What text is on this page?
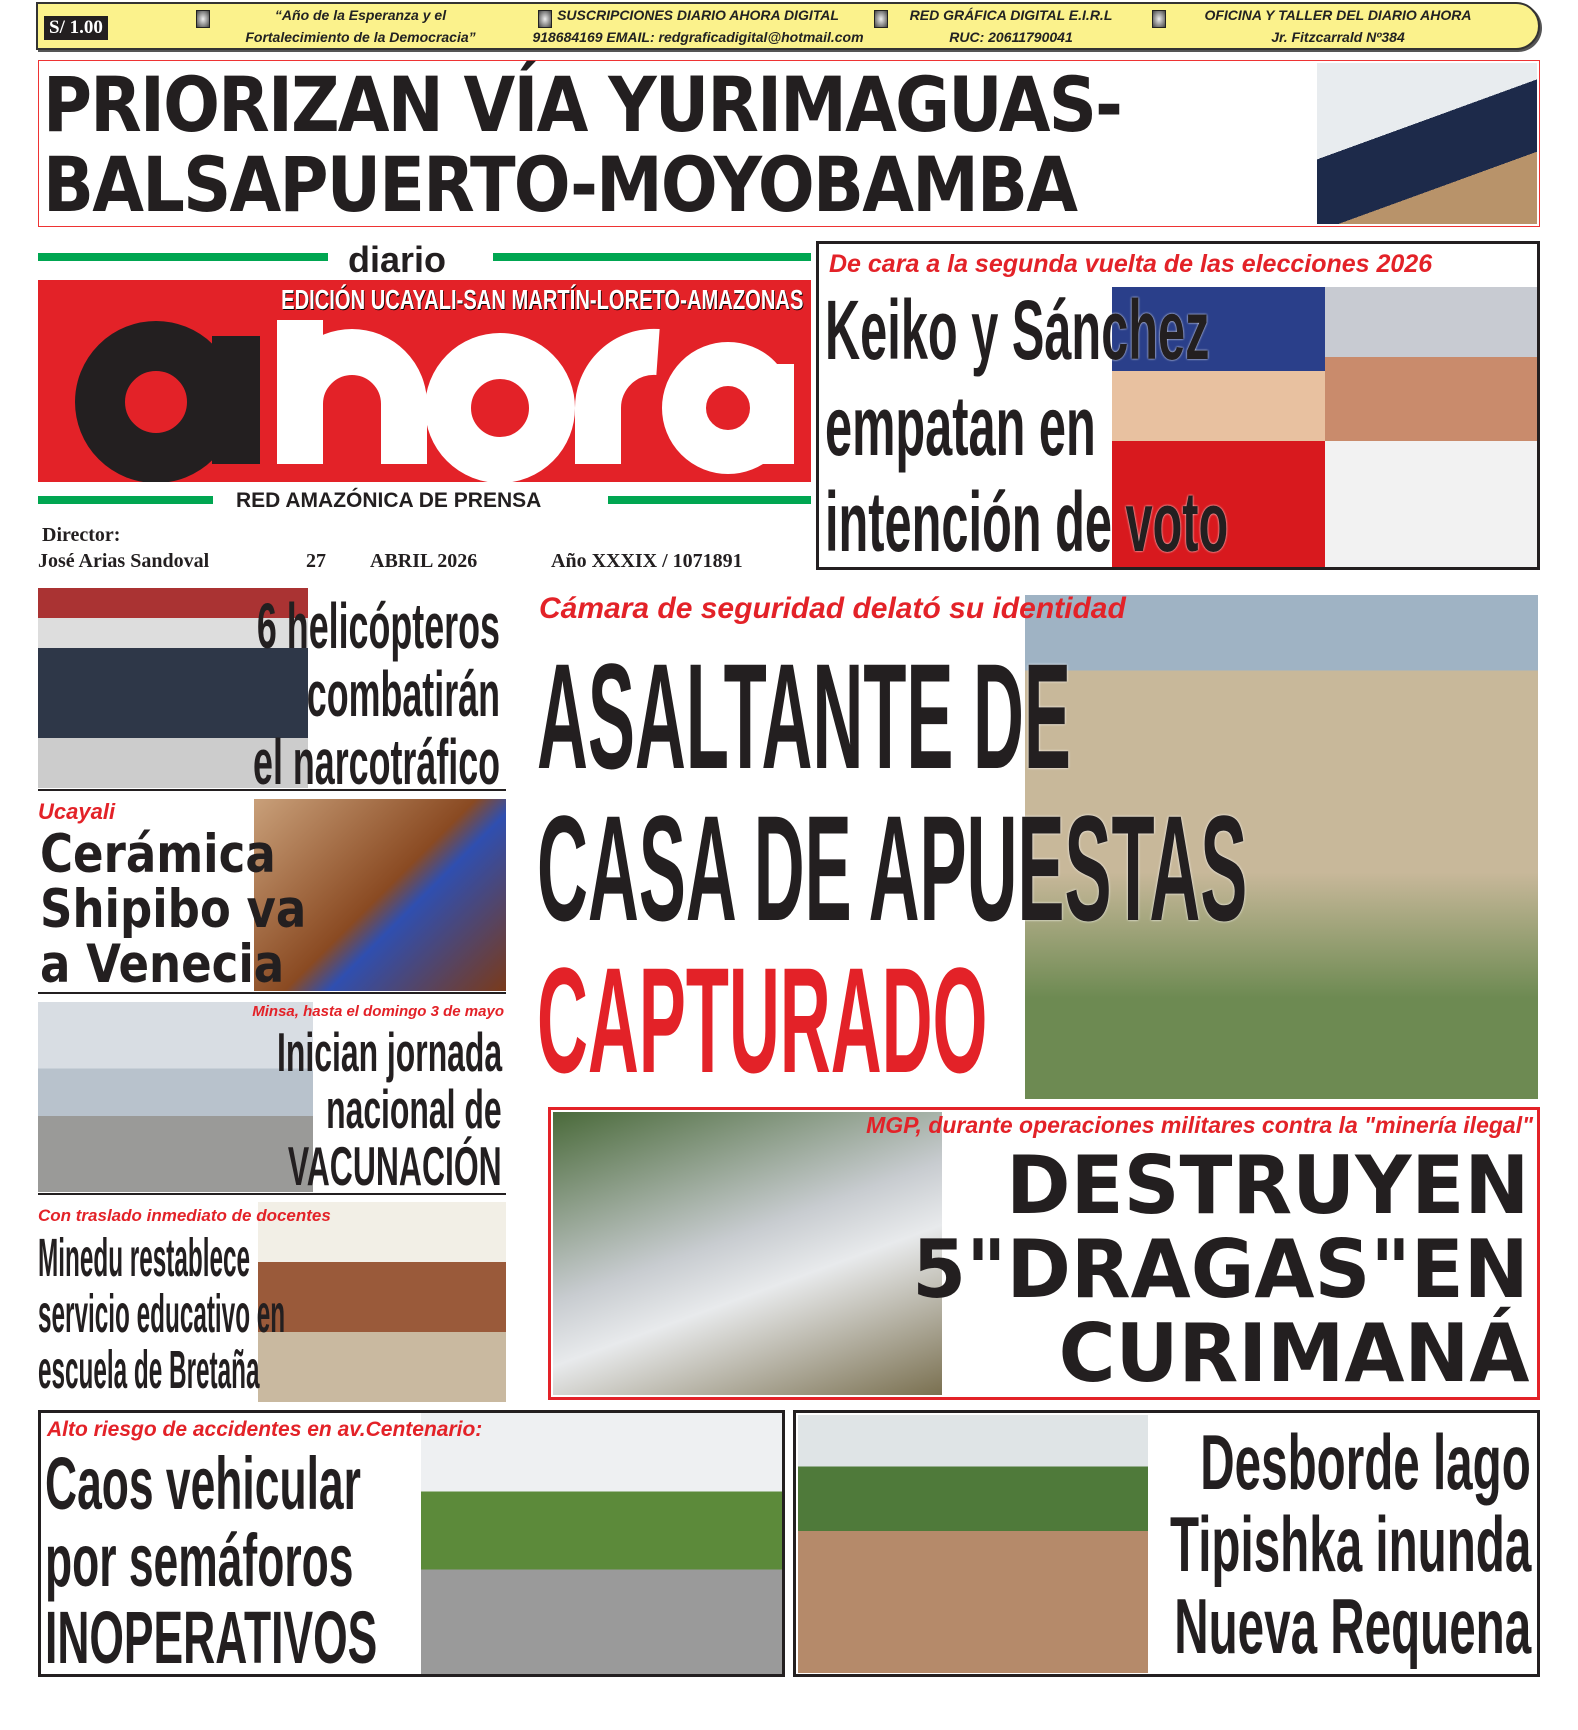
S/ 1.00
“Año de la Esperanza y el
Fortalecimiento de la Democracia”
SUSCRIPCIONES DIARIO AHORA DIGITAL
918684169 EMAIL: redgraficadigital@hotmail.com
RED GRÁFICA DIGITAL E.I.R.L
RUC: 20611790041
OFICINA Y TALLER DEL DIARIO AHORA
Jr. Fitzcarrald Nº384
PRIORIZAN VÍA YURIMAGUAS-
BALSAPUERTO-MOYOBAMBA
diario
EDICIÓN UCAYALI-SAN MARTÍN-LORETO-AMAZONAS
RED AMAZÓNICA DE PRENSA
Director:
José Arias Sandoval	27 ABRIL 2026	Año XXXIX / 1071891
De cara a la segunda vuelta de las elecciones 2026
Keiko y Sánchez
empatan en
intención de voto
6 helicópteros
combatirán
el narcotráfico
Ucayali
Cerámica
Shipibo va
a Venecia
Minsa, hasta el domingo 3 de mayo
Inician jornada
nacional de
VACUNACIÓN
Con traslado inmediato de docentes
Minedu restablece
servicio educativo en
escuela de Bretaña
Cámara de seguridad delató su identidad
ASALTANTE DE
CASA DE APUESTAS
CAPTURADO
MGP, durante operaciones militares contra la "minería ilegal"
DESTRUYEN
5"DRAGAS"EN
CURIMANÁ
Alto riesgo de accidentes en av.Centenario:
Caos vehicular
por semáforos
INOPERATIVOS
Desborde lago
Tipishka inunda
Nueva Requena
